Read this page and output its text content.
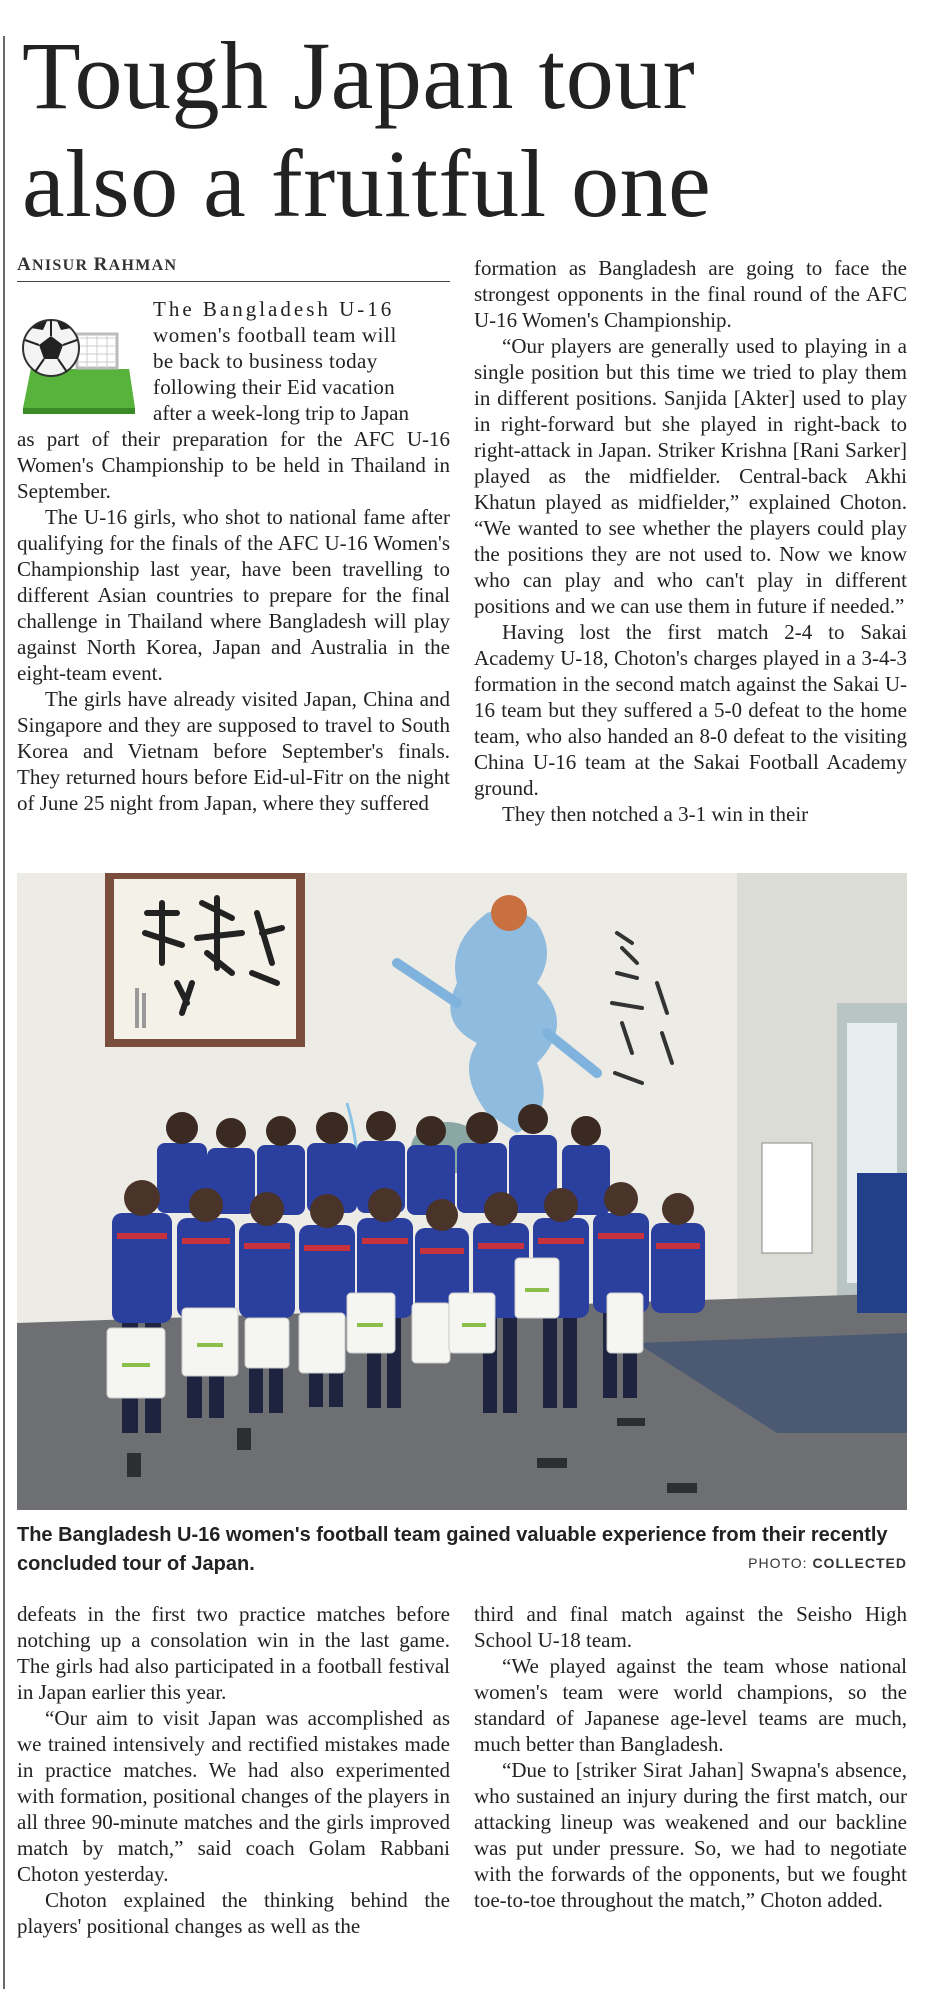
Tough Japan tour
also a fruitful one
ANISUR RAHMAN
The Bangladesh U-16
women's football team will
be back to business today
following their Eid vacation
after a week-long trip to Japan

as part of their preparation for the AFC U-16 Women's Championship to be held in Thailand in September.

The U-16 girls, who shot to national fame after qualifying for the finals of the AFC U-16 Women's Championship last year, have been travelling to different Asian countries to prepare for the final challenge in Thailand where Bangladesh will play against North Korea, Japan and Australia in the eight-team event.

The girls have already visited Japan, China and Singapore and they are supposed to travel to South Korea and Vietnam before September's finals. They returned hours before Eid-ul-Fitr on the night of June 25 night from Japan, where they suffered

formation as Bangladesh are going to face the strongest opponents in the final round of the AFC U-16 Women's Championship.

“Our players are generally used to playing in a single position but this time we tried to play them in different positions. Sanjida [Akter] used to play in right-forward but she played in right-back to right-attack in Japan. Striker Krishna [Rani Sarker] played as the midfielder. Central-back Akhi Khatun played as midfielder,” explained Choton. “We wanted to see whether the players could play the positions they are not used to. Now we know who can play and who can't play in different positions and we can use them in future if needed.”

Having lost the first match 2-4 to Sakai Academy U-18, Choton's charges played in a 3-4-3 formation in the second match against the Sakai U-16 team but they suffered a 5-0 defeat to the home team, who also handed an 8-0 defeat to the visiting China U-16 team at the Sakai Football Academy ground.

They then notched a 3-1 win in their

The Bangladesh U-16 women's football team gained valuable experience from their recently concluded tour of Japan.	PHOTO: COLLECTED

defeats in the first two practice matches before notching up a consolation win in the last game. The girls had also participated in a football festival in Japan earlier this year.

“Our aim to visit Japan was accomplished as we trained intensively and rectified mistakes made in practice matches. We had also experimented with formation, positional changes of the players in all three 90-minute matches and the girls improved match by match,” said coach Golam Rabbani Choton yesterday.

Choton explained the thinking behind the players' positional changes as well as the

third and final match against the Seisho High School U-18 team.

“We played against the team whose national women's team were world champions, so the standard of Japanese age-level teams are much, much better than Bangladesh.

“Due to [striker Sirat Jahan] Swapna's absence, who sustained an injury during the first match, our attacking lineup was weakened and our backline was put under pressure. So, we had to negotiate with the forwards of the opponents, but we fought toe-to-toe throughout the match,” Choton added.
